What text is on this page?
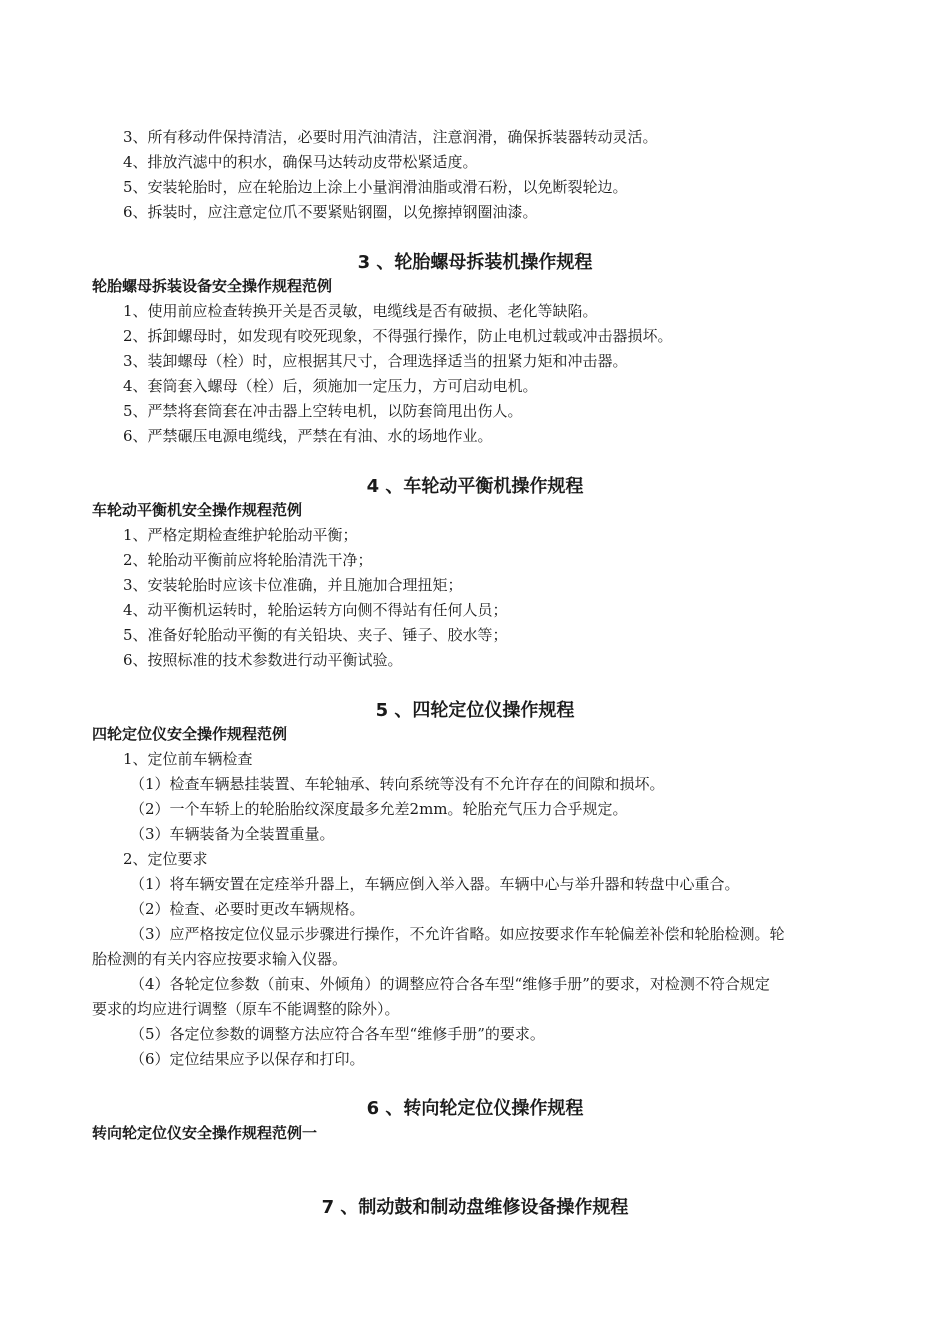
3、所有移动件保持清洁，必要时用汽油清洁，注意润滑，确保拆装器转动灵活。
4、排放汽滤中的积水，确保马达转动皮带松紧适度。
5、安装轮胎时，应在轮胎边上涂上小量润滑油脂或滑石粉，以免断裂轮边。
6、拆装时，应注意定位爪不要紧贴钢圈，以免擦掉钢圈油漆。
3 、轮胎螺母拆装机操作规程
轮胎螺母拆装设备安全操作规程范例
1、使用前应检查转换开关是否灵敏，电缆线是否有破损、老化等缺陷。
2、拆卸螺母时，如发现有咬死现象，不得强行操作，防止电机过载或冲击器损坏。
3、装卸螺母（栓）时，应根据其尺寸，合理选择适当的扭紧力矩和冲击器。
4、套筒套入螺母（栓）后，须施加一定压力，方可启动电机。
5、严禁将套筒套在冲击器上空转电机，以防套筒甩出伤人。
6、严禁碾压电源电缆线，严禁在有油、水的场地作业。
4 、车轮动平衡机操作规程
车轮动平衡机安全操作规程范例
1、严格定期检查维护轮胎动平衡；
2、轮胎动平衡前应将轮胎清洗干净；
3、安装轮胎时应该卡位准确，并且施加合理扭矩；
4、动平衡机运转时，轮胎运转方向侧不得站有任何人员；
5、准备好轮胎动平衡的有关铅块、夹子、锤子、胶水等；
6、按照标准的技术参数进行动平衡试验。
5 、四轮定位仪操作规程
四轮定位仪安全操作规程范例
1、定位前车辆检查
（1）检查车辆悬挂装置、车轮轴承、转向系统等没有不允许存在的间隙和损坏。
（2）一个车轿上的轮胎胎纹深度最多允差2mm。轮胎充气压力合乎规定。
（3）车辆装备为全装置重量。
2、定位要求
（1）将车辆安置在定痊举升器上，车辆应倒入举入器。车辆中心与举升器和转盘中心重合。
（2）检查、必要时更改车辆规格。
（3）应严格按定位仪显示步骤进行操作，不允许省略。如应按要求作车轮偏差补偿和轮胎检测。轮
胎检测的有关内容应按要求输入仪器。
（4）各轮定位参数（前束、外倾角）的调整应符合各车型“维修手册”的要求，对检测不符合规定
要求的均应进行调整（原车不能调整的除外）。
（5）各定位参数的调整方法应符合各车型“维修手册”的要求。
（6）定位结果应予以保存和打印。
6 、转向轮定位仪操作规程
转向轮定位仪安全操作规程范例一
7 、制动鼓和制动盘维修设备操作规程
